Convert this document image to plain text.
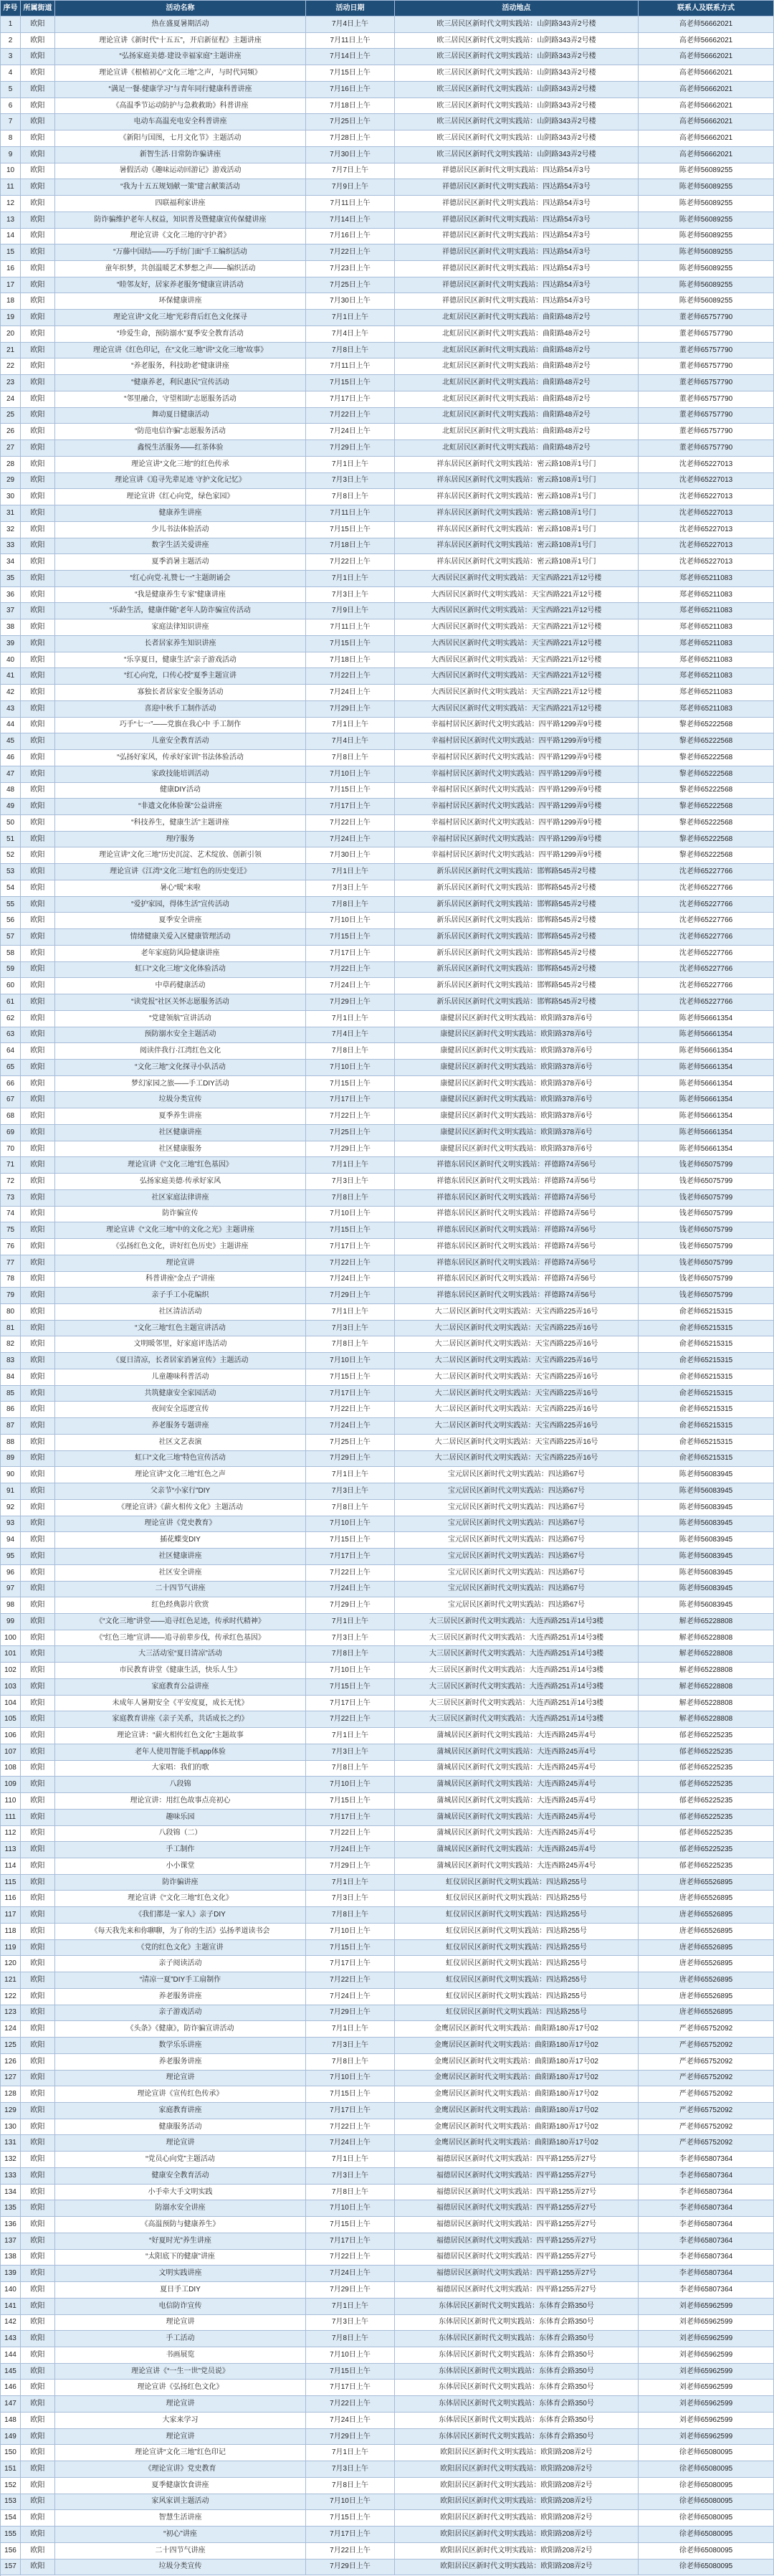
序号 所属街道	活动名称	活动日期	活动地点	联系人及联系方式
1	欧阳	热在盛夏暑期活动	7月4日上午	欧三居民区新时代文明实践站：山阴路343弄2号楼	高老师56662021
2	欧阳	理论宣讲《新时代“十五五”，开启新征程》主题讲座	7月11日上午	欧三居民区新时代文明实践站：山阴路343弄2号楼	高老师56662021
3	欧阳	“弘扬家庭美德·建设幸福家庭”主题讲座	7月14日上午	欧三居民区新时代文明实践站：山阴路343弄2号楼	高老师56662021
4	欧阳	理论宣讲《根植初心“文化三地”之声，与时代同频》	7月15日上午	欧三居民区新时代文明实践站：山阴路343弄2号楼	高老师56662021
5	欧阳	“满足一餐·健康学习”与青年同行健康科普讲座	7月16日上午	欧三居民区新时代文明实践站：山阴路343弄2号楼	高老师56662021
6	欧阳	《高温季节运动防护与急救救助》科普讲座	7月18日上午	欧三居民区新时代文明实践站：山阴路343弄2号楼	高老师56662021
7	欧阳	电动车高温充电安全科普讲座	7月25日上午	欧三居民区新时代文明实践站：山阴路343弄2号楼	高老师56662021
8	欧阳	《新阳与国图，七月文化节》主题活动	7月28日上午	欧三居民区新时代文明实践站：山阴路343弄2号楼	高老师56662021
9	欧阳	新智生活·日常防诈骗讲座	7月30日上午	欧三居民区新时代文明实践站：山阴路343弄2号楼	高老师56662021
10	欧阳	暑假活动《趣味运动回游记》游戏活动	7月7日上午	祥德居民区新时代文明实践站：四达路54弄3号	陈老师56089255
11	欧阳	“我为十五五规划献一策”建言献策活动	7月9日上午	祥德居民区新时代文明实践站：四达路54弄3号	陈老师56089255
12	欧阳	四联福利家讲座	7月11日上午	祥德居民区新时代文明实践站：四达路54弄3号	陈老师56089255
13	欧阳	防诈骗维护老年人权益，知识普及暨健康宣传保健讲座	7月14日上午	祥德居民区新时代文明实践站：四达路54弄3号	陈老师56089255
14	欧阳	理论宣讲《文化三地的守护者》	7月16日上午	祥德居民区新时代文明实践站：四达路54弄3号	陈老师56089255
15	欧阳	“万藤中国结——巧手纺门面”手工编织活动	7月22日上午	祥德居民区新时代文明实践站：四达路54弄3号	陈老师56089255
16	欧阳	童年织梦，共创温暖艺术梦想之声——编织活动	7月23日上午	祥德居民区新时代文明实践站：四达路54弄3号	陈老师56089255
17	欧阳	“睦邻友好，居家养老服务”健康宣讲活动	7月25日上午	祥德居民区新时代文明实践站：四达路54弄3号	陈老师56089255
18	欧阳	环保健康讲座	7月30日上午	祥德居民区新时代文明实践站：四达路54弄3号	陈老师56089255
19	欧阳	理论宣讲“文化三地”光彩背后红色文化探寻	7月1日上午	北虹居民区新时代文明实践站：曲阳路48弄2号	董老师65757790
20	欧阳	“珍爱生命，预防溺水”夏季安全教育活动	7月4日上午	北虹居民区新时代文明实践站：曲阳路48弄2号	董老师65757790
21	欧阳	理论宣讲《红色印记，在“文化三地”讲“文化三地”故事》	7月8日上午	北虹居民区新时代文明实践站：曲阳路48弄2号	董老师65757790
22	欧阳	“养老服务，科技助老”健康讲座	7月11日上午	北虹居民区新时代文明实践站：曲阳路48弄2号	董老师65757790
23	欧阳	“健康养老，利民惠民”宣传活动	7月15日上午	北虹居民区新时代文明实践站：曲阳路48弄2号	董老师65757790
24	欧阳	“邻里融合，守望相助”志愿服务活动	7月17日上午	北虹居民区新时代文明实践站：曲阳路48弄2号	董老师65757790
25	欧阳	舞动夏日健康活动	7月22日上午	北虹居民区新时代文明实践站：曲阳路48弄2号	董老师65757790
26	欧阳	“防范电信诈骗”志愿服务活动	7月24日上午	北虹居民区新时代文明实践站：曲阳路48弄2号	董老师65757790
27	欧阳	鑫悦生活服务——红茶体验	7月29日上午	北虹居民区新时代文明实践站：曲阳路48弄2号	董老师65757790
28	欧阳	理论宣讲“文化三地”的红色传承	7月1日上午	祥东居民区新时代文明实践站：密云路108弄1号门	沈老师65227013
29	欧阳	理论宣讲《追寻先辈足迹 守护文化记忆》	7月3日上午	祥东居民区新时代文明实践站：密云路108弄1号门	沈老师65227013
30	欧阳	理论宣讲《红心向党，绿色家园》	7月8日上午	祥东居民区新时代文明实践站：密云路108弄1号门	沈老师65227013
31	欧阳	健康养生讲座	7月11日上午	祥东居民区新时代文明实践站：密云路108弄1号门	沈老师65227013
32	欧阳	少儿书法体验活动	7月15日上午	祥东居民区新时代文明实践站：密云路108弄1号门	沈老师65227013
33	欧阳	数字生活关爱讲座	7月18日上午	祥东居民区新时代文明实践站：密云路108弄1号门	沈老师65227013
34	欧阳	夏季消暑主题活动	7月22日上午	祥东居民区新时代文明实践站：密云路108弄1号门	沈老师65227013
35	欧阳	“红心向党·礼赞七一”主题朗诵会	7月1日上午	大西居民区新时代文明实践站：天宝西路221弄12号楼	郑老师65211083
36	欧阳	“我是健康养生专家”健康讲座	7月3日上午	大西居民区新时代文明实践站：天宝西路221弄12号楼	郑老师65211083
37	欧阳	“乐龄生活，健康伴随”老年人防诈骗宣传活动	7月9日上午	大西居民区新时代文明实践站：天宝西路221弄12号楼	郑老师65211083
38	欧阳	家庭法律知识讲座	7月11日上午	大西居民区新时代文明实践站：天宝西路221弄12号楼	郑老师65211083
39	欧阳	长者居家养生知识讲座	7月15日上午	大西居民区新时代文明实践站：天宝西路221弄12号楼	郑老师65211083
40	欧阳	“乐享夏日，健康生活”亲子游戏活动	7月18日上午	大西居民区新时代文明实践站：天宝西路221弄12号楼	郑老师65211083
41	欧阳	“红心向党，口传心授”夏季主题宣讲	7月22日上午	大西居民区新时代文明实践站：天宝西路221弄12号楼	郑老师65211083
42	欧阳	寡独长者居家安全服务活动	7月24日上午	大西居民区新时代文明实践站：天宝西路221弄12号楼	郑老师65211083
43	欧阳	喜迎中秋手工制作活动	7月29日上午	大西居民区新时代文明实践站：天宝西路221弄12号楼	郑老师65211083
44	欧阳	巧手“七一”——党旗在我心中 手工制作	7月1日上午	幸福村居民区新时代文明实践站：四平路1299弄9号楼	黎老师65222568
45	欧阳	儿童安全教育活动	7月4日上午	幸福村居民区新时代文明实践站：四平路1299弄9号楼	黎老师65222568
46	欧阳	“弘扬好家风，传承好家训”书法体验活动	7月8日上午	幸福村居民区新时代文明实践站：四平路1299弄9号楼	黎老师65222568
47	欧阳	家政技能培训活动	7月10日上午	幸福村居民区新时代文明实践站：四平路1299弄9号楼	黎老师65222568
48	欧阳	健康DIY活动	7月15日上午	幸福村居民区新时代文明实践站：四平路1299弄9号楼	黎老师65222568
49	欧阳	“非遗文化体验课”公益讲座	7月17日上午	幸福村居民区新时代文明实践站：四平路1299弄9号楼	黎老师65222568
50	欧阳	“科技养生，健康生活”主题讲座	7月22日上午	幸福村居民区新时代文明实践站：四平路1299弄9号楼	黎老师65222568
51	欧阳	理疗服务	7月24日上午	幸福村居民区新时代文明实践站：四平路1299弄9号楼	黎老师65222568
52	欧阳	理论宣讲“文化三地”历史沉淀、艺术绽放、创新引领	7月30日上午	幸福村居民区新时代文明实践站：四平路1299弄9号楼	黎老师65222568
53	欧阳	理论宣讲《江湾“文化三地”红色的历史变迁》	7月1日上午	新乐居民区新时代文明实践站：邯郸路545弄2号楼	沈老师65227766
54	欧阳	暑心“暖”来啦	7月3日上午	新乐居民区新时代文明实践站：邯郸路545弄2号楼	沈老师65227766
55	欧阳	“爱护家园，得体生活”宣传活动	7月8日上午	新乐居民区新时代文明实践站：邯郸路545弄2号楼	沈老师65227766
56	欧阳	夏季安全讲座	7月10日上午	新乐居民区新时代文明实践站：邯郸路545弄2号楼	沈老师65227766
57	欧阳	情绪健康关爱入区健康管理活动	7月15日上午	新乐居民区新时代文明实践站：邯郸路545弄2号楼	沈老师65227766
58	欧阳	老年家庭防风险健康讲座	7月17日上午	新乐居民区新时代文明实践站：邯郸路545弄2号楼	沈老师65227766
59	欧阳	虹口“文化三地”文化体验活动	7月22日上午	新乐居民区新时代文明实践站：邯郸路545弄2号楼	沈老师65227766
60	欧阳	中草药健康活动	7月24日上午	新乐居民区新时代文明实践站：邯郸路545弄2号楼	沈老师65227766
61	欧阳	“读党报”社区关怀志愿服务活动	7月29日上午	新乐居民区新时代文明实践站：邯郸路545弄2号楼	沈老师65227766
62	欧阳	“党建领航”宣讲活动	7月1日上午	康健居民区新时代文明实践站：欧阳路378弄6号	陈老师56661354
63	欧阳	预防溺水安全主题活动	7月4日上午	康健居民区新时代文明实践站：欧阳路378弄6号	陈老师56661354
64	欧阳	阅读伴我行·江湾红色文化	7月8日上午	康健居民区新时代文明实践站：欧阳路378弄6号	陈老师56661354
65	欧阳	“文化三地”文化探寻小队活动	7月10日上午	康健居民区新时代文明实践站：欧阳路378弄6号	陈老师56661354
66	欧阳	梦幻家园之旅——手工DIY活动	7月15日上午	康健居民区新时代文明实践站：欧阳路378弄6号	陈老师56661354
67	欧阳	垃圾分类宣传	7月17日上午	康健居民区新时代文明实践站：欧阳路378弄6号	陈老师56661354
68	欧阳	夏季养生讲座	7月22日上午	康健居民区新时代文明实践站：欧阳路378弄6号	陈老师56661354
69	欧阳	社区健康讲座	7月25日上午	康健居民区新时代文明实践站：欧阳路378弄6号	陈老师56661354
70	欧阳	社区健康服务	7月29日上午	康健居民区新时代文明实践站：欧阳路378弄6号	陈老师56661354
71	欧阳	理论宣讲《“文化三地”红色基因》	7月1日上午	祥德东居民区新时代文明实践站：祥德路74弄56号	钱老师65075799
72	欧阳	弘扬家庭美德·传承好家风	7月3日上午	祥德东居民区新时代文明实践站：祥德路74弄56号	钱老师65075799
73	欧阳	社区家庭法律讲座	7月8日上午	祥德东居民区新时代文明实践站：祥德路74弄56号	钱老师65075799
74	欧阳	防诈骗宣传	7月10日上午	祥德东居民区新时代文明实践站：祥德路74弄56号	钱老师65075799
75	欧阳	理论宣讲《“文化三地”中的文化之光》主题讲座	7月15日上午	祥德东居民区新时代文明实践站：祥德路74弄56号	钱老师65075799
76	欧阳	《弘扬红色文化，讲好红色历史》主题讲座	7月17日上午	祥德东居民区新时代文明实践站：祥德路74弄56号	钱老师65075799
77	欧阳	理论宣讲	7月22日上午	祥德东居民区新时代文明实践站：祥德路74弄56号	钱老师65075799
78	欧阳	科普讲座“金点子”讲座	7月24日上午	祥德东居民区新时代文明实践站：祥德路74弄56号	钱老师65075799
79	欧阳	亲子手工小花编织	7月29日上午	祥德东居民区新时代文明实践站：祥德路74弄56号	钱老师65075799
80	欧阳	社区清洁活动	7月1日上午	大二居民区新时代文明实践站：天宝西路225弄16号	俞老师65215315
81	欧阳	“文化三地”红色主题宣讲活动	7月3日上午	大二居民区新时代文明实践站：天宝西路225弄16号	俞老师65215315
82	欧阳	文明暖邻里，好家庭评选活动	7月8日上午	大二居民区新时代文明实践站：天宝西路225弄16号	俞老师65215315
83	欧阳	《夏日清凉，长者居家消暑宣传》主题活动	7月10日上午	大二居民区新时代文明实践站：天宝西路225弄16号	俞老师65215315
84	欧阳	儿童趣味科普活动	7月15日上午	大二居民区新时代文明实践站：天宝西路225弄16号	俞老师65215315
85	欧阳	共筑健康安全家园活动	7月17日上午	大二居民区新时代文明实践站：天宝西路225弄16号	俞老师65215315
86	欧阳	夜间安全巡逻宣传	7月22日上午	大二居民区新时代文明实践站：天宝西路225弄16号	俞老师65215315
87	欧阳	养老服务专题讲座	7月24日上午	大二居民区新时代文明实践站：天宝西路225弄16号	俞老师65215315
88	欧阳	社区文艺表演	7月25日上午	大二居民区新时代文明实践站：天宝西路225弄16号	俞老师65215315
89	欧阳	虹口“文化三地”特色宣传活动	7月29日上午	大二居民区新时代文明实践站：天宝西路225弄16号	俞老师65215315
90	欧阳	理论宣讲“文化三地”红色之声	7月1日上午	宝元居民区新时代文明实践站：四达路67号	陈老师56083945
91	欧阳	父亲节“小家行”DIY	7月3日上午	宝元居民区新时代文明实践站：四达路67号	陈老师56083945
92	欧阳	《理论宣讲》《薪火相传文化》主题活动	7月8日上午	宝元居民区新时代文明实践站：四达路67号	陈老师56083945
93	欧阳	理论宣讲《党史教育》	7月10日上午	宝元居民区新时代文明实践站：四达路67号	陈老师56083945
94	欧阳	插花蝶变DIY	7月15日上午	宝元居民区新时代文明实践站：四达路67号	陈老师56083945
95	欧阳	社区健康讲座	7月17日上午	宝元居民区新时代文明实践站：四达路67号	陈老师56083945
96	欧阳	社区安全讲座	7月22日上午	宝元居民区新时代文明实践站：四达路67号	陈老师56083945
97	欧阳	二十四节气讲座	7月24日上午	宝元居民区新时代文明实践站：四达路67号	陈老师56083945
98	欧阳	红色经典影片欣赏	7月29日上午	宝元居民区新时代文明实践站：四达路67号	陈老师56083945
99	欧阳	《“文化三地”讲堂——追寻红色足迹，传承时代精神》	7月1日上午	大三居民区新时代文明实践站：大连西路251弄14号3楼	解老师65228808
100	欧阳	《“红色三地”宣讲——追寻前辈步伐，传承红色基因》	7月3日上午	大三居民区新时代文明实践站：大连西路251弄14号3楼	解老师65228808
101	欧阳	大三活动室“夏日清凉”活动	7月8日上午	大三居民区新时代文明实践站：大连西路251弄14号3楼	解老师65228808
102	欧阳	市民教育讲堂《健康生活，快乐人生》	7月10日上午	大三居民区新时代文明实践站：大连西路251弄14号3楼	解老师65228808
103	欧阳	家庭教育公益讲座	7月15日上午	大三居民区新时代文明实践站：大连西路251弄14号3楼	解老师65228808
104	欧阳	未成年人暑期安全《平安度夏，成长无忧》	7月17日上午	大三居民区新时代文明实践站：大连西路251弄14号3楼	解老师65228808
105	欧阳	家庭教育讲座《亲子关系，共话成长之约》	7月22日上午	大三居民区新时代文明实践站：大连西路251弄14号3楼	解老师65228808
106	欧阳	理论宣讲：“薪火相传红色文化”主题故事	7月1日上午	蒲城居民区新时代文明实践站：大连西路245弄4号	郁老师65225235
107	欧阳	老年人使用智能手机app体验	7月3日上午	蒲城居民区新时代文明实践站：大连西路245弄4号	郁老师65225235
108	欧阳	大家唱：我们的歌	7月8日上午	蒲城居民区新时代文明实践站：大连西路245弄4号	郁老师65225235
109	欧阳	八段锦	7月10日上午	蒲城居民区新时代文明实践站：大连西路245弄4号	郁老师65225235
110	欧阳	理论宣讲：用红色故事点亮初心	7月15日上午	蒲城居民区新时代文明实践站：大连西路245弄4号	郁老师65225235
111	欧阳	趣味乐园	7月17日上午	蒲城居民区新时代文明实践站：大连西路245弄4号	郁老师65225235
112	欧阳	八段锦（二）	7月22日上午	蒲城居民区新时代文明实践站：大连西路245弄4号	郁老师65225235
113	欧阳	手工制作	7月24日上午	蒲城居民区新时代文明实践站：大连西路245弄4号	郁老师65225235
114	欧阳	小小课堂	7月29日上午	蒲城居民区新时代文明实践站：大连西路245弄4号	郁老师65225235
115	欧阳	防诈骗讲座	7月1日上午	虹仪居民区新时代文明实践站：四达路255号	唐老师65526895
116	欧阳	理论宣讲《“文化三地”红色文化》	7月3日上午	虹仪居民区新时代文明实践站：四达路255号	唐老师65526895
117	欧阳	《我们都是一家人》亲子DIY	7月8日上午	虹仪居民区新时代文明实践站：四达路255号	唐老师65526895
118	欧阳	《每天我先来和你聊聊，为了你的生活》弘扬孝道读书会	7月10日上午	虹仪居民区新时代文明实践站：四达路255号	唐老师65526895
119	欧阳	《党的红色文化》主题宣讲	7月15日上午	虹仪居民区新时代文明实践站：四达路255号	唐老师65526895
120	欧阳	亲子阅读活动	7月17日上午	虹仪居民区新时代文明实践站：四达路255号	唐老师65526895
121	欧阳	“清凉一夏”DIY手工扇制作	7月22日上午	虹仪居民区新时代文明实践站：四达路255号	唐老师65526895
122	欧阳	养老服务讲座	7月24日上午	虹仪居民区新时代文明实践站：四达路255号	唐老师65526895
123	欧阳	亲子游戏活动	7月29日上午	虹仪居民区新时代文明实践站：四达路255号	唐老师65526895
124	欧阳	《头条》《健康》，防诈骗宣讲活动	7月1日上午	金鹰居民区新时代文明实践站：曲阳路180弄17号02	严老师65752092
125	欧阳	数学乐乐讲座	7月3日上午	金鹰居民区新时代文明实践站：曲阳路180弄17号02	严老师65752092
126	欧阳	养老服务讲座	7月8日上午	金鹰居民区新时代文明实践站：曲阳路180弄17号02	严老师65752092
127	欧阳	理论宣讲	7月10日上午	金鹰居民区新时代文明实践站：曲阳路180弄17号02	严老师65752092
128	欧阳	理论宣讲《宣传红色传承》	7月15日上午	金鹰居民区新时代文明实践站：曲阳路180弄17号02	严老师65752092
129	欧阳	家庭教育讲座	7月17日上午	金鹰居民区新时代文明实践站：曲阳路180弄17号02	严老师65752092
130	欧阳	健康服务活动	7月22日上午	金鹰居民区新时代文明实践站：曲阳路180弄17号02	严老师65752092
131	欧阳	理论宣讲	7月24日上午	金鹰居民区新时代文明实践站：曲阳路180弄17号02	严老师65752092
132	欧阳	“党员心向党”主题活动	7月1日上午	福德居民区新时代文明实践站：四平路1255弄27号	李老师65807364
133	欧阳	健康安全教育活动	7月3日上午	福德居民区新时代文明实践站：四平路1255弄27号	李老师65807364
134	欧阳	小手牵大手文明实践	7月8日上午	福德居民区新时代文明实践站：四平路1255弄27号	李老师65807364
135	欧阳	防溺水安全讲座	7月10日上午	福德居民区新时代文明实践站：四平路1255弄27号	李老师65807364
136	欧阳	《高温预防与健康养生》	7月15日上午	福德居民区新时代文明实践站：四平路1255弄27号	李老师65807364
137	欧阳	“好夏时光”养生讲座	7月17日上午	福德居民区新时代文明实践站：四平路1255弄27号	李老师65807364
138	欧阳	“太阳底下的健康”讲座	7月22日上午	福德居民区新时代文明实践站：四平路1255弄27号	李老师65807364
139	欧阳	文明实践讲座	7月24日上午	福德居民区新时代文明实践站：四平路1255弄27号	李老师65807364
140	欧阳	夏日手工DIY	7月29日上午	福德居民区新时代文明实践站：四平路1255弄27号	李老师65807364
141	欧阳	电信防诈宣传	7月1日上午	东体居民区新时代文明实践站：东体育会路350号	刘老师65962599
142	欧阳	理论宣讲	7月3日上午	东体居民区新时代文明实践站：东体育会路350号	刘老师65962599
143	欧阳	手工活动	7月8日上午	东体居民区新时代文明实践站：东体育会路350号	刘老师65962599
144	欧阳	书画展览	7月10日上午	东体居民区新时代文明实践站：东体育会路350号	刘老师65962599
145	欧阳	理论宣讲《“一生一世”党员说》	7月15日上午	东体居民区新时代文明实践站：东体育会路350号	刘老师65962599
146	欧阳	理论宣讲《弘扬红色文化》	7月17日上午	东体居民区新时代文明实践站：东体育会路350号	刘老师65962599
147	欧阳	理论宣讲	7月22日上午	东体居民区新时代文明实践站：东体育会路350号	刘老师65962599
148	欧阳	大家来学习	7月24日上午	东体居民区新时代文明实践站：东体育会路350号	刘老师65962599
149	欧阳	理论宣讲	7月29日上午	东体居民区新时代文明实践站：东体育会路350号	刘老师65962599
150	欧阳	理论宣讲“文化三地”红色印记	7月1日上午	欧阳居民区新时代文明实践站：欧阳路208弄2号	徐老师65080095
151	欧阳	《理论宣讲》党史教育	7月3日上午	欧阳居民区新时代文明实践站：欧阳路208弄2号	徐老师65080095
152	欧阳	夏季健康饮食讲座	7月8日上午	欧阳居民区新时代文明实践站：欧阳路208弄2号	徐老师65080095
153	欧阳	家风家训主题活动	7月10日上午	欧阳居民区新时代文明实践站：欧阳路208弄2号	徐老师65080095
154	欧阳	智慧生活讲座	7月15日上午	欧阳居民区新时代文明实践站：欧阳路208弄2号	徐老师65080095
155	欧阳	“初心”讲座	7月17日上午	欧阳居民区新时代文明实践站：欧阳路208弄2号	徐老师65080095
156	欧阳	二十四节气讲座	7月22日上午	欧阳居民区新时代文明实践站：欧阳路208弄2号	徐老师65080095
157	欧阳	垃圾分类宣传	7月29日上午	欧阳居民区新时代文明实践站：欧阳路208弄2号	徐老师65080095
